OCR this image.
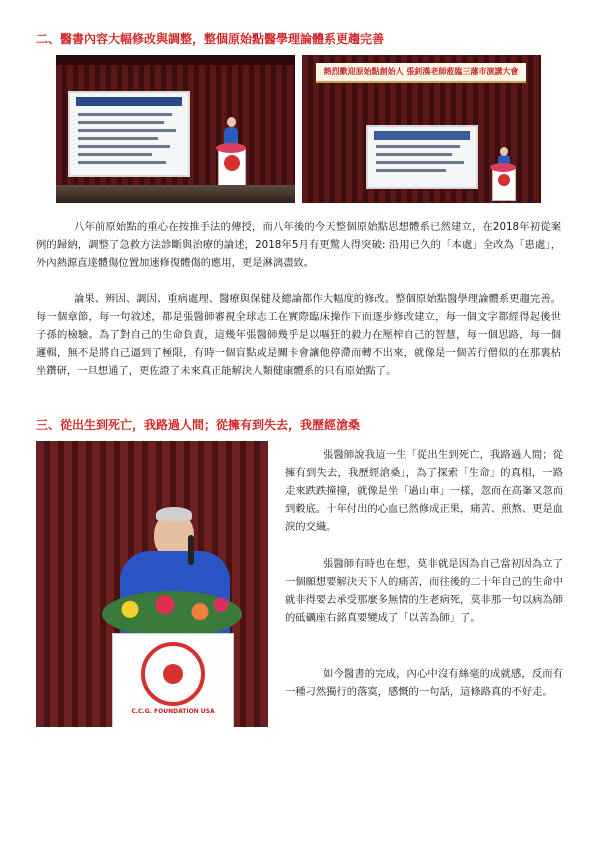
二、醫書內容大幅修改與調整，整個原始點醫學理論體系更趨完善
熱烈歡迎原始點創始人 張釗漢老師蒞臨三藩市演講大會
八年前原始點的重心在按推手法的傳授，而八年後的今天整個原始點思想體系已然建立，在2018年初從案例的歸納，調整了急救方法診斷與治療的論述，2018年5月有更驚人得突破: 沿用已久的「本處」全改為「患處」，外內熱源直達體傷位置加速修復體傷的應用，更是淋漓盡致。
論果、辨因、調因、重病處理、醫療與保健及總論都作大幅度的修改。整個原始點醫學理論體系更趨完善。每一個章節，每一句敘述，都是張醫師審視全球志工在實際臨床操作下而逐步修改建立，每一個文字都經得起後世子孫的檢驗。為了對自己的生命負責，這幾年張醫師幾乎是以嘔狂的毅力在壓榨自己的智慧，每一個思路，每一個邏輯，無不是將自己逼到了極限，有時一個盲點或是關卡會讓他停滯而轉不出來，就像是一個苦行僧似的在那裏枯坐鑽研，一旦想通了，更佐證了未來真正能解決人類健康體系的只有原始點了。
三、從出生到死亡，我路過人間；從擁有到失去，我歷經滄桑
C.C.G. FOUNDATION USA
張醫師說我這一生「從出生到死亡，我路過人間；從擁有到失去，我歷經滄桑」，為了探索「生命」的真相，一路走來跌跌撞撞，就像是坐「過山車」一樣，忽而在高峯又忽而到穀底。十年付出的心血已然修成正果，痛苦、煎熬、更是血淚的交織。
張醫師有時也在想，莫非就是因為自己當初因為立了一個願想要解決天下人的痛苦，而往後的二十年自己的生命中就非得要去承受那麼多無情的生老病死，莫非那一句以病為師的砥礪座右銘真要變成了「以苦為師」了。
如今醫書的完成，內心中沒有絲毫的成就感，反而有一種刁然獨行的落寞，感慨的一句話，這條路真的不好走。
